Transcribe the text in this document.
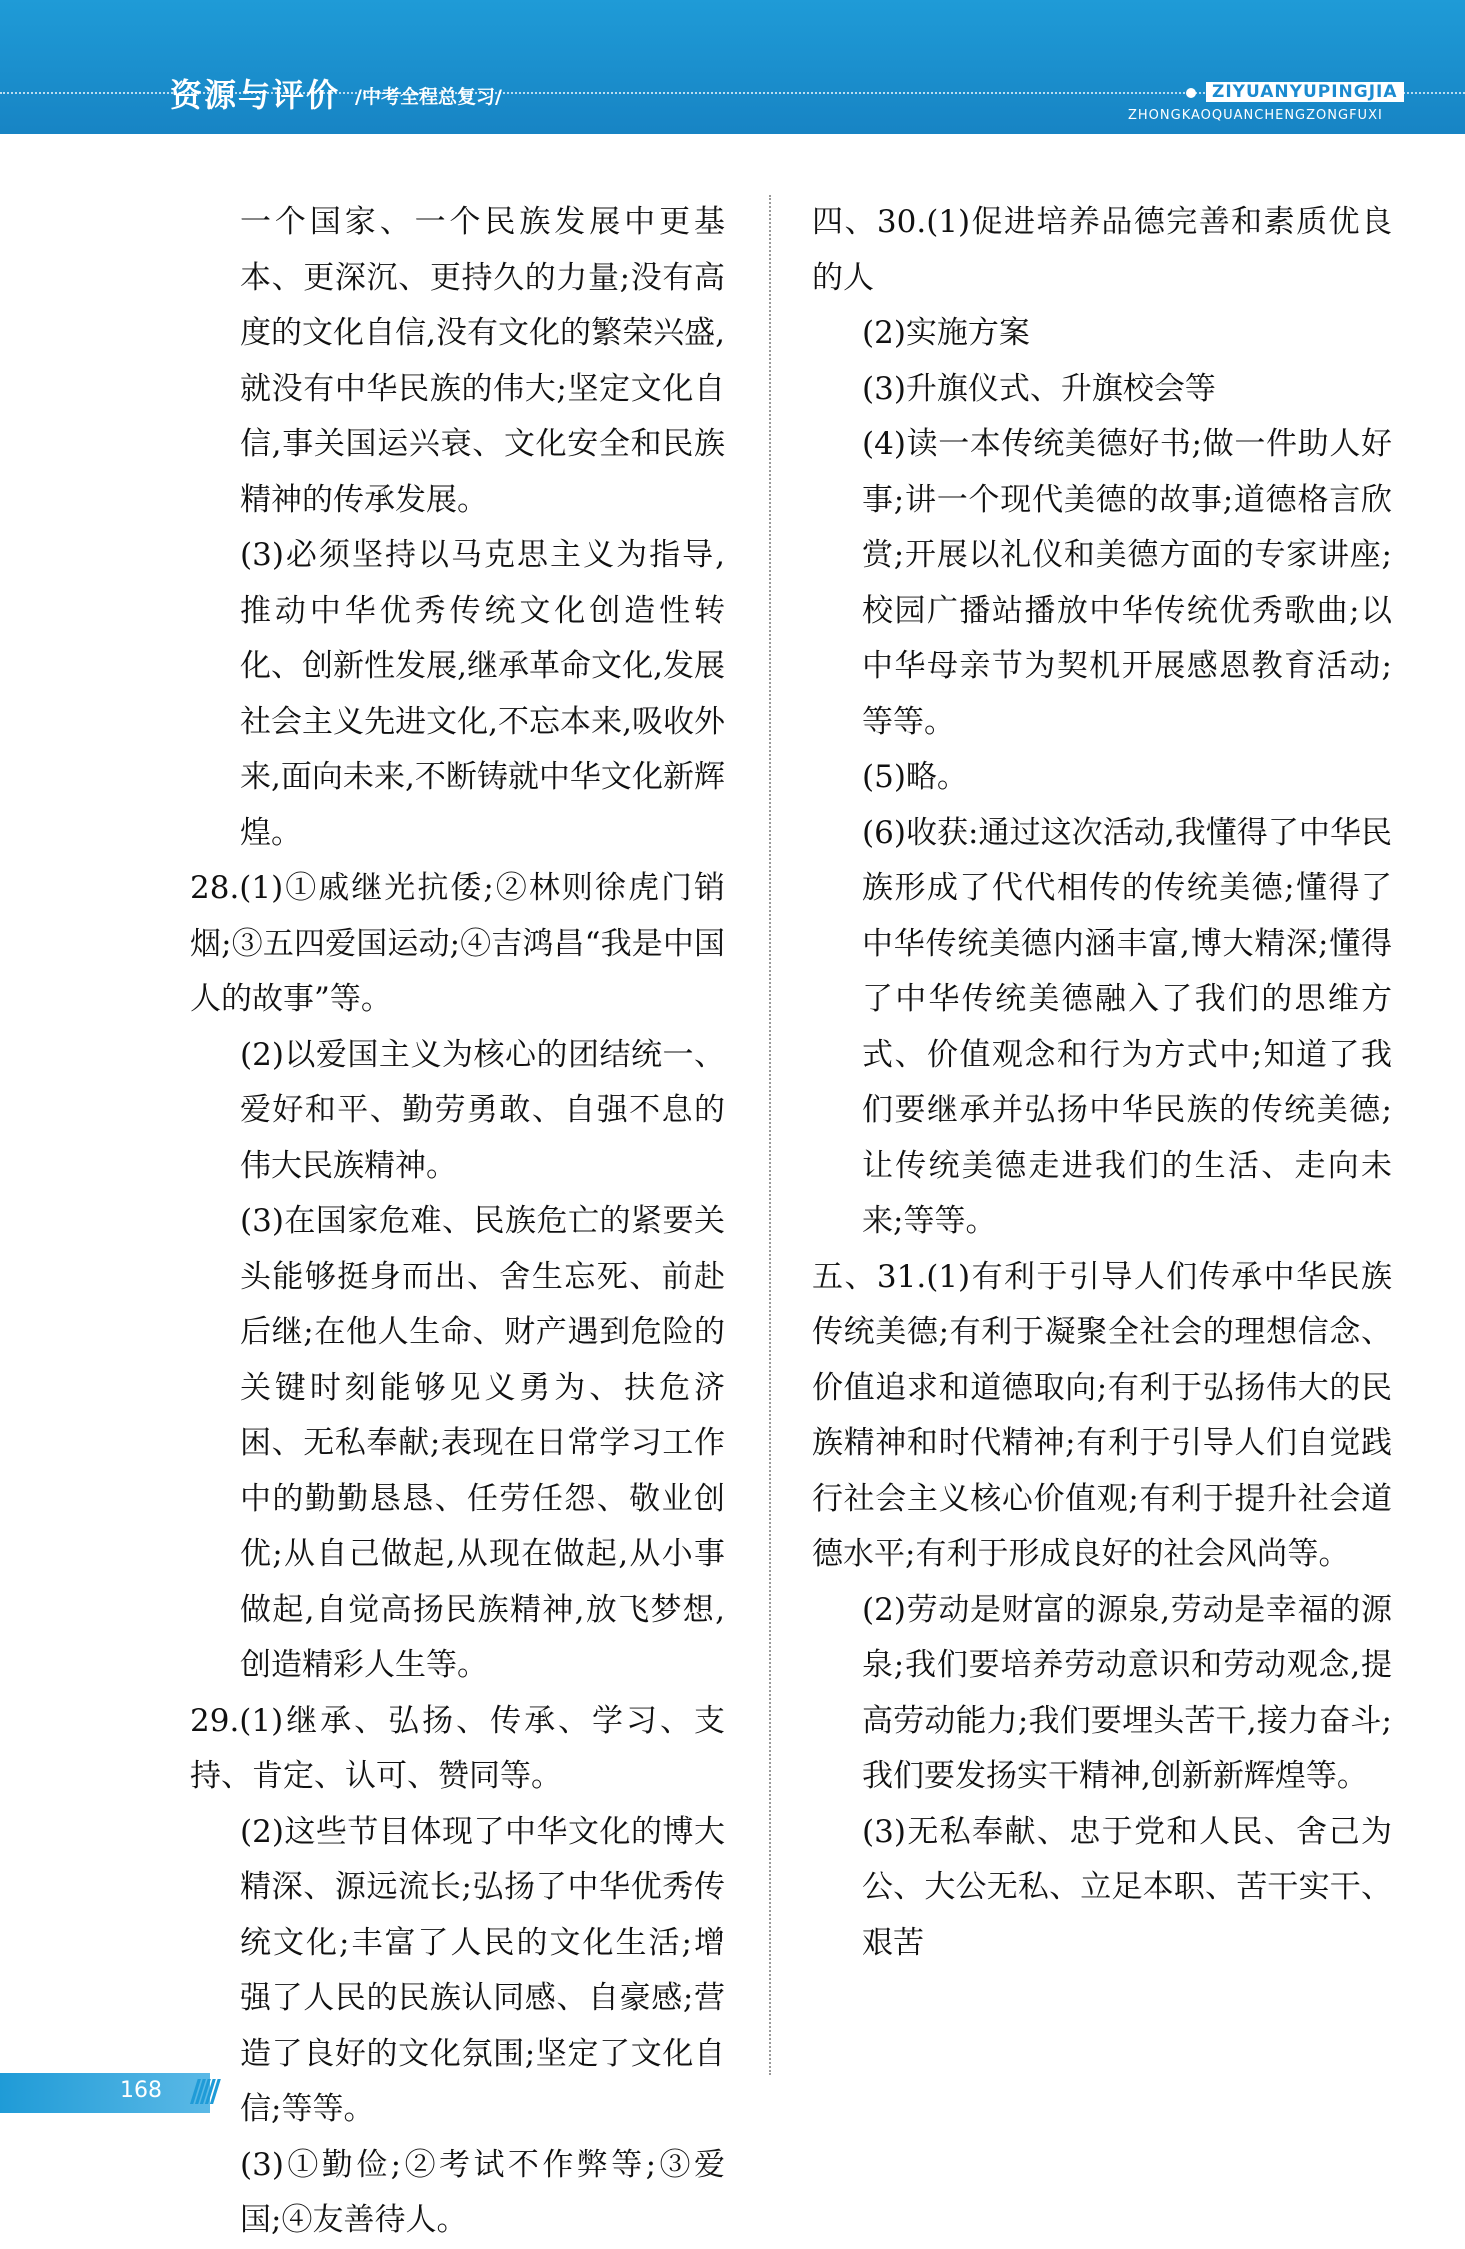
资源与评价 /中考全程总复习/	ZIYUANYUPINGJIA
ZHONGKAOQUANCHENGZONGFUXI

一个国家、一个民族发展中更基本、更深沉、更持久的力量;没有高度的文化自信,没有文化的繁荣兴盛,就没有中华民族的伟大;坚定文化自信,事关国运兴衰、文化安全和民族精神的传承发展。

(3)必须坚持以马克思主义为指导,推动中华优秀传统文化创造性转化、创新性发展,继承革命文化,发展社会主义先进文化,不忘本来,吸收外来,面向未来,不断铸就中华文化新辉煌。

28.(1)①戚继光抗倭;②林则徐虎门销烟;③五四爱国运动;④吉鸿昌“我是中国人的故事”等。

(2)以爱国主义为核心的团结统一、爱好和平、勤劳勇敢、自强不息的伟大民族精神。

(3)在国家危难、民族危亡的紧要关头能够挺身而出、舍生忘死、前赴后继;在他人生命、财产遇到危险的关键时刻能够见义勇为、扶危济困、无私奉献;表现在日常学习工作中的勤勤恳恳、任劳任怨、敬业创优;从自己做起,从现在做起,从小事做起,自觉高扬民族精神,放飞梦想,创造精彩人生等。

29.(1)继承、弘扬、传承、学习、支持、肯定、认可、赞同等。

(2)这些节目体现了中华文化的博大精深、源远流长;弘扬了中华优秀传统文化;丰富了人民的文化生活;增强了人民的民族认同感、自豪感;营造了良好的文化氛围;坚定了文化自信;等等。

(3)①勤俭;②考试不作弊等;③爱国;④友善待人。

四、30.(1)促进培养品德完善和素质优良的人

(2)实施方案

(3)升旗仪式、升旗校会等

(4)读一本传统美德好书;做一件助人好事;讲一个现代美德的故事;道德格言欣赏;开展以礼仪和美德方面的专家讲座;校园广播站播放中华传统优秀歌曲;以中华母亲节为契机开展感恩教育活动;等等。

(5)略。

(6)收获:通过这次活动,我懂得了中华民族形成了代代相传的传统美德;懂得了中华传统美德内涵丰富,博大精深;懂得了中华传统美德融入了我们的思维方式、价值观念和行为方式中;知道了我们要继承并弘扬中华民族的传统美德;让传统美德走进我们的生活、走向未来;等等。

五、31.(1)有利于引导人们传承中华民族传统美德;有利于凝聚全社会的理想信念、价值追求和道德取向;有利于弘扬伟大的民族精神和时代精神;有利于引导人们自觉践行社会主义核心价值观;有利于提升社会道德水平;有利于形成良好的社会风尚等。

(2)劳动是财富的源泉,劳动是幸福的源泉;我们要培养劳动意识和劳动观念,提高劳动能力;我们要埋头苦干,接力奋斗;我们要发扬实干精神,创新新辉煌等。

(3)无私奉献、忠于党和人民、舍己为公、大公无私、立足本职、苦干实干、艰苦

168 /////
